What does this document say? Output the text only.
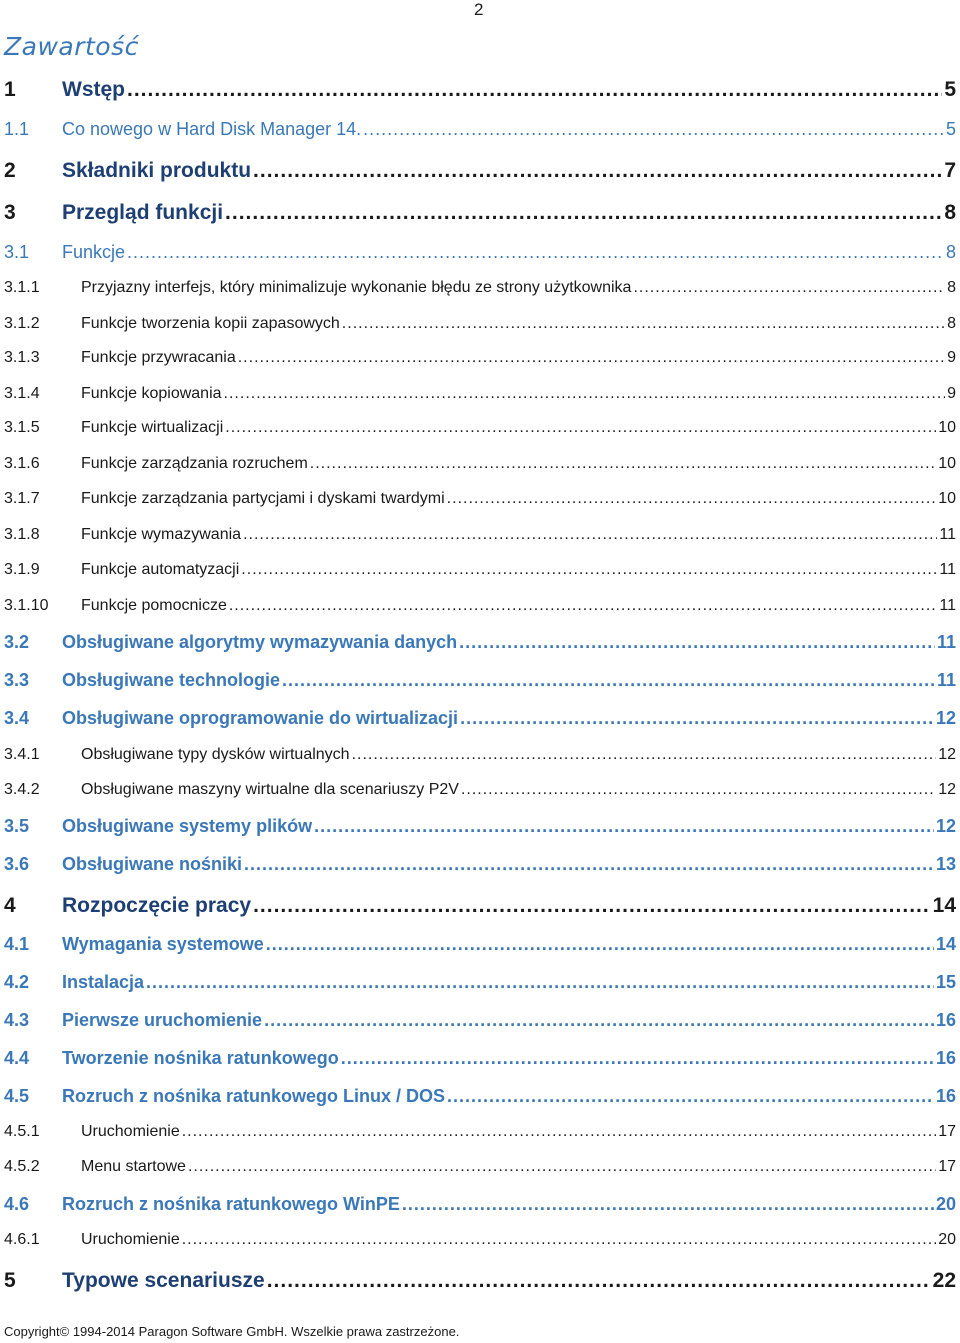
2
Zawartość
1	Wstęp .....	5
1.1	Co nowego w Hard Disk Manager 14. .....	5
2	Składniki produktu .....	7
3	Przegląd funkcji .....	8
3.1	Funkcje .....	8
3.1.1	Przyjazny interfejs, który minimalizuje wykonanie błędu ze strony użytkownika .....	8
3.1.2	Funkcje tworzenia kopii zapasowych .....	8
3.1.3	Funkcje przywracania .....	9
3.1.4	Funkcje kopiowania .....	9
3.1.5	Funkcje wirtualizacji .....	10
3.1.6	Funkcje zarządzania rozruchem .....	10
3.1.7	Funkcje zarządzania partycjami i dyskami twardymi .....	10
3.1.8	Funkcje wymazywania .....	11
3.1.9	Funkcje automatyzacji .....	11
3.1.10	Funkcje pomocnicze .....	11
3.2	Obsługiwane algorytmy wymazywania danych .....	11
3.3	Obsługiwane technologie .....	11
3.4	Obsługiwane oprogramowanie do wirtualizacji .....	12
3.4.1	Obsługiwane typy dysków wirtualnych .....	12
3.4.2	Obsługiwane maszyny wirtualne dla scenariuszy P2V .....	12
3.5	Obsługiwane systemy plików .....	12
3.6	Obsługiwane nośniki .....	13
4	Rozpoczęcie pracy .....	14
4.1	Wymagania systemowe .....	14
4.2	Instalacja .....	15
4.3	Pierwsze uruchomienie .....	16
4.4	Tworzenie nośnika ratunkowego .....	16
4.5	Rozruch z nośnika ratunkowego Linux / DOS .....	16
4.5.1	Uruchomienie .....	17
4.5.2	Menu startowe .....	17
4.6	Rozruch z nośnika ratunkowego WinPE .....	20
4.6.1	Uruchomienie .....	20
5	Typowe scenariusze .....	22
Copyright© 1994-2014 Paragon Software GmbH. Wszelkie prawa zastrzeżone.
